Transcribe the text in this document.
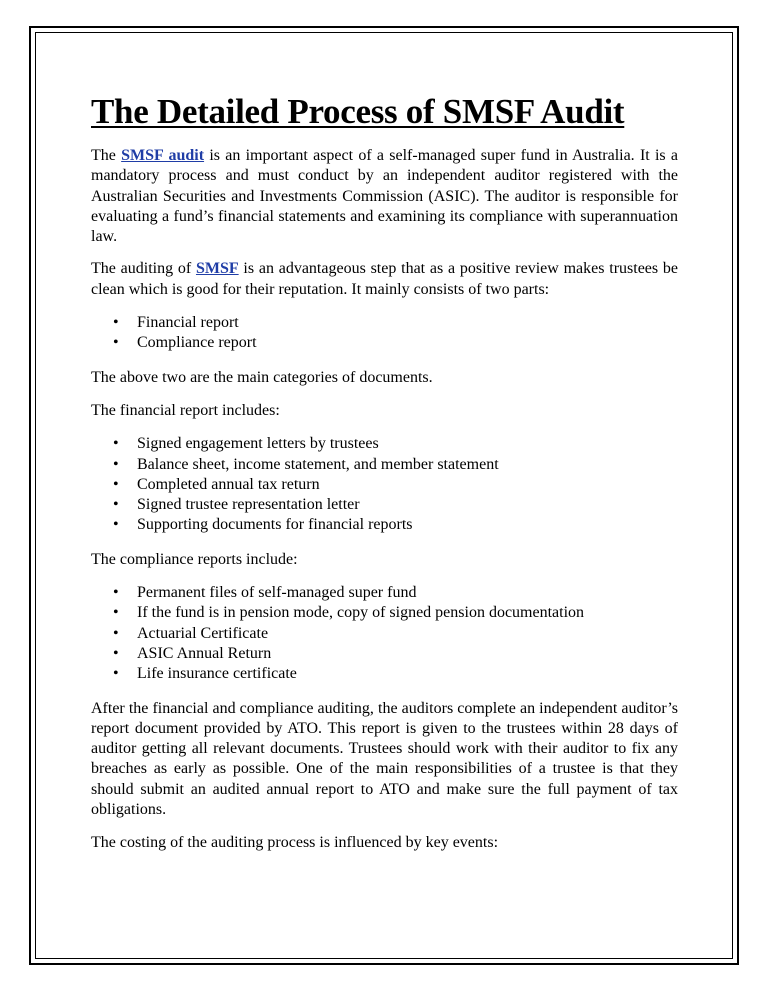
The Detailed Process of SMSF Audit

The SMSF audit is an important aspect of a self-managed super fund in Australia. It is a mandatory process and must conduct by an independent auditor registered with the Australian Securities and Investments Commission (ASIC). The auditor is responsible for evaluating a fund’s financial statements and examining its compliance with superannuation law.

The auditing of SMSF is an advantageous step that as a positive review makes trustees be clean which is good for their reputation. It mainly consists of two parts:

• Financial report
• Compliance report

The above two are the main categories of documents.

The financial report includes:

• Signed engagement letters by trustees
• Balance sheet, income statement, and member statement
• Completed annual tax return
• Signed trustee representation letter
• Supporting documents for financial reports

The compliance reports include:

• Permanent files of self-managed super fund
• If the fund is in pension mode, copy of signed pension documentation
• Actuarial Certificate
• ASIC Annual Return
• Life insurance certificate

After the financial and compliance auditing, the auditors complete an independent auditor’s report document provided by ATO. This report is given to the trustees within 28 days of auditor getting all relevant documents. Trustees should work with their auditor to fix any breaches as early as possible. One of the main responsibilities of a trustee is that they should submit an audited annual report to ATO and make sure the full payment of tax obligations.

The costing of the auditing process is influenced by key events:
